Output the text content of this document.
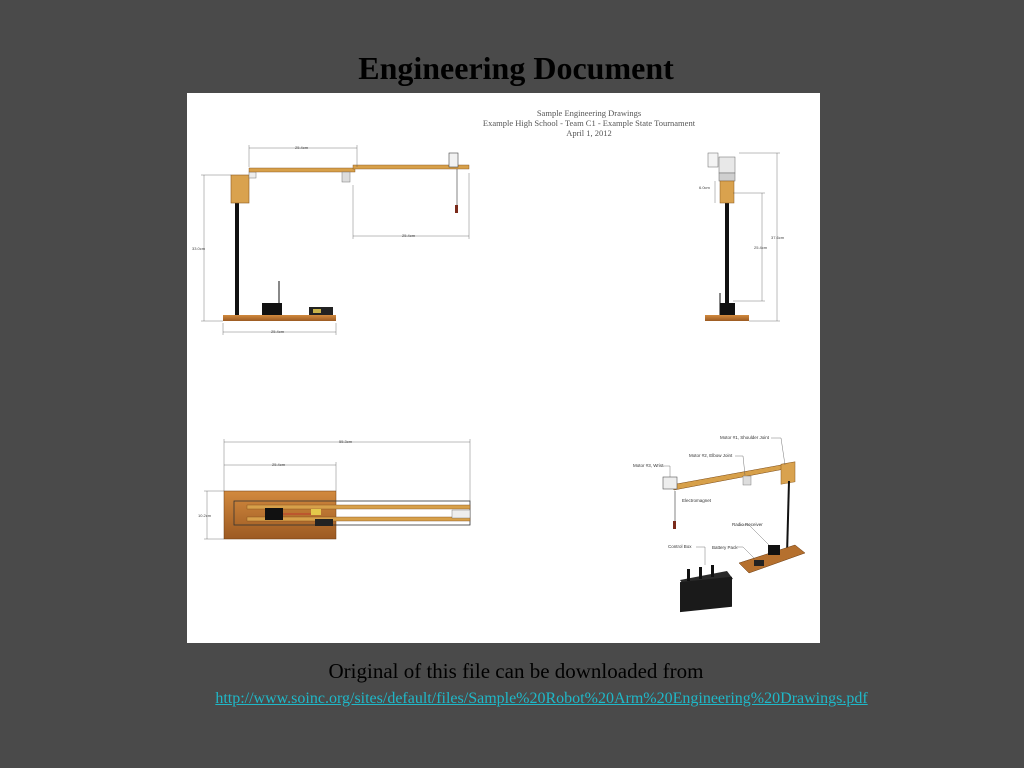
Engineering Document
Sample Engineering Drawings
Example High School - Team C1 - Example State Tournament
April 1, 2012
25.4cm
25.4cm
33.0cm
25.4cm
6.0cm
37.6cm
25.4cm
55.3cm
25.4cm
10.2cm
Motor #1, Shoulder Joint
Motor #2, Elbow Joint
Motor #3, Wrist
Electromagnet
Radio Receiver
Control Box	Battery Pack
Original of this file can be downloaded from
http://www.soinc.org/sites/default/files/Sample%20Robot%20Arm%20Engineering%20Drawings.pdf
